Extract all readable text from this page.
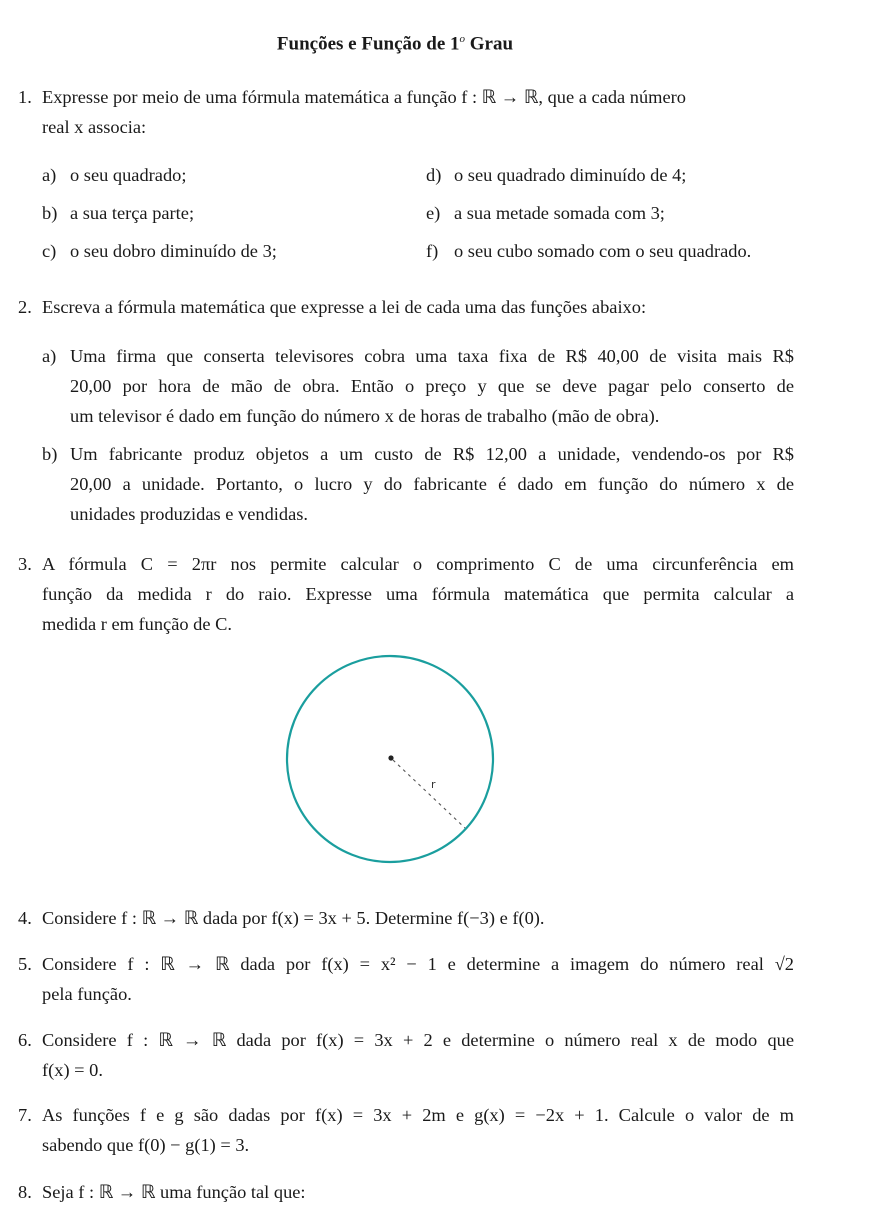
Funções e Função de 1$^o$ Grau
1. Expresse por meio de uma fórmula matemática a função f : ℝ → ℝ, que a cada número
real x associa:
a) o seu quadrado;
b) a sua terça parte;
c) o seu dobro diminuído de 3;
d) o seu quadrado diminuído de 4;
e) a sua metade somada com 3;
f) o seu cubo somado com o seu quadrado.
2. Escreva a fórmula matemática que expresse a lei de cada uma das funções abaixo:
a) Uma firma que conserta televisores cobra uma taxa fixa de R$ 40,00 de visita mais R$
20,00 por hora de mão de obra. Então o preço y que se deve pagar pelo conserto de
um televisor é dado em função do número x de horas de trabalho (mão de obra).
b) Um fabricante produz objetos a um custo de R$ 12,00 a unidade, vendendo-os por R$
20,00 a unidade. Portanto, o lucro y do fabricante é dado em função do número x de
unidades produzidas e vendidas.
3. A fórmula C = 2πr nos permite calcular o comprimento C de uma circunferência em
função da medida r do raio. Expresse uma fórmula matemática que permita calcular a
medida r em função de C.
r
4. Considere f : ℝ → ℝ dada por f(x) = 3x + 5. Determine f(−3) e f(0).
5. Considere f : ℝ → ℝ dada por f(x) = x² − 1 e determine a imagem do número real √2
pela função.
6. Considere f : ℝ → ℝ dada por f(x) = 3x + 2 e determine o número real x de modo que
f(x) = 0.
7. As funções f e g são dadas por f(x) = 3x + 2m e g(x) = −2x + 1. Calcule o valor de m
sabendo que f(0) − g(1) = 3.
8. Seja f : ℝ → ℝ uma função tal que:
